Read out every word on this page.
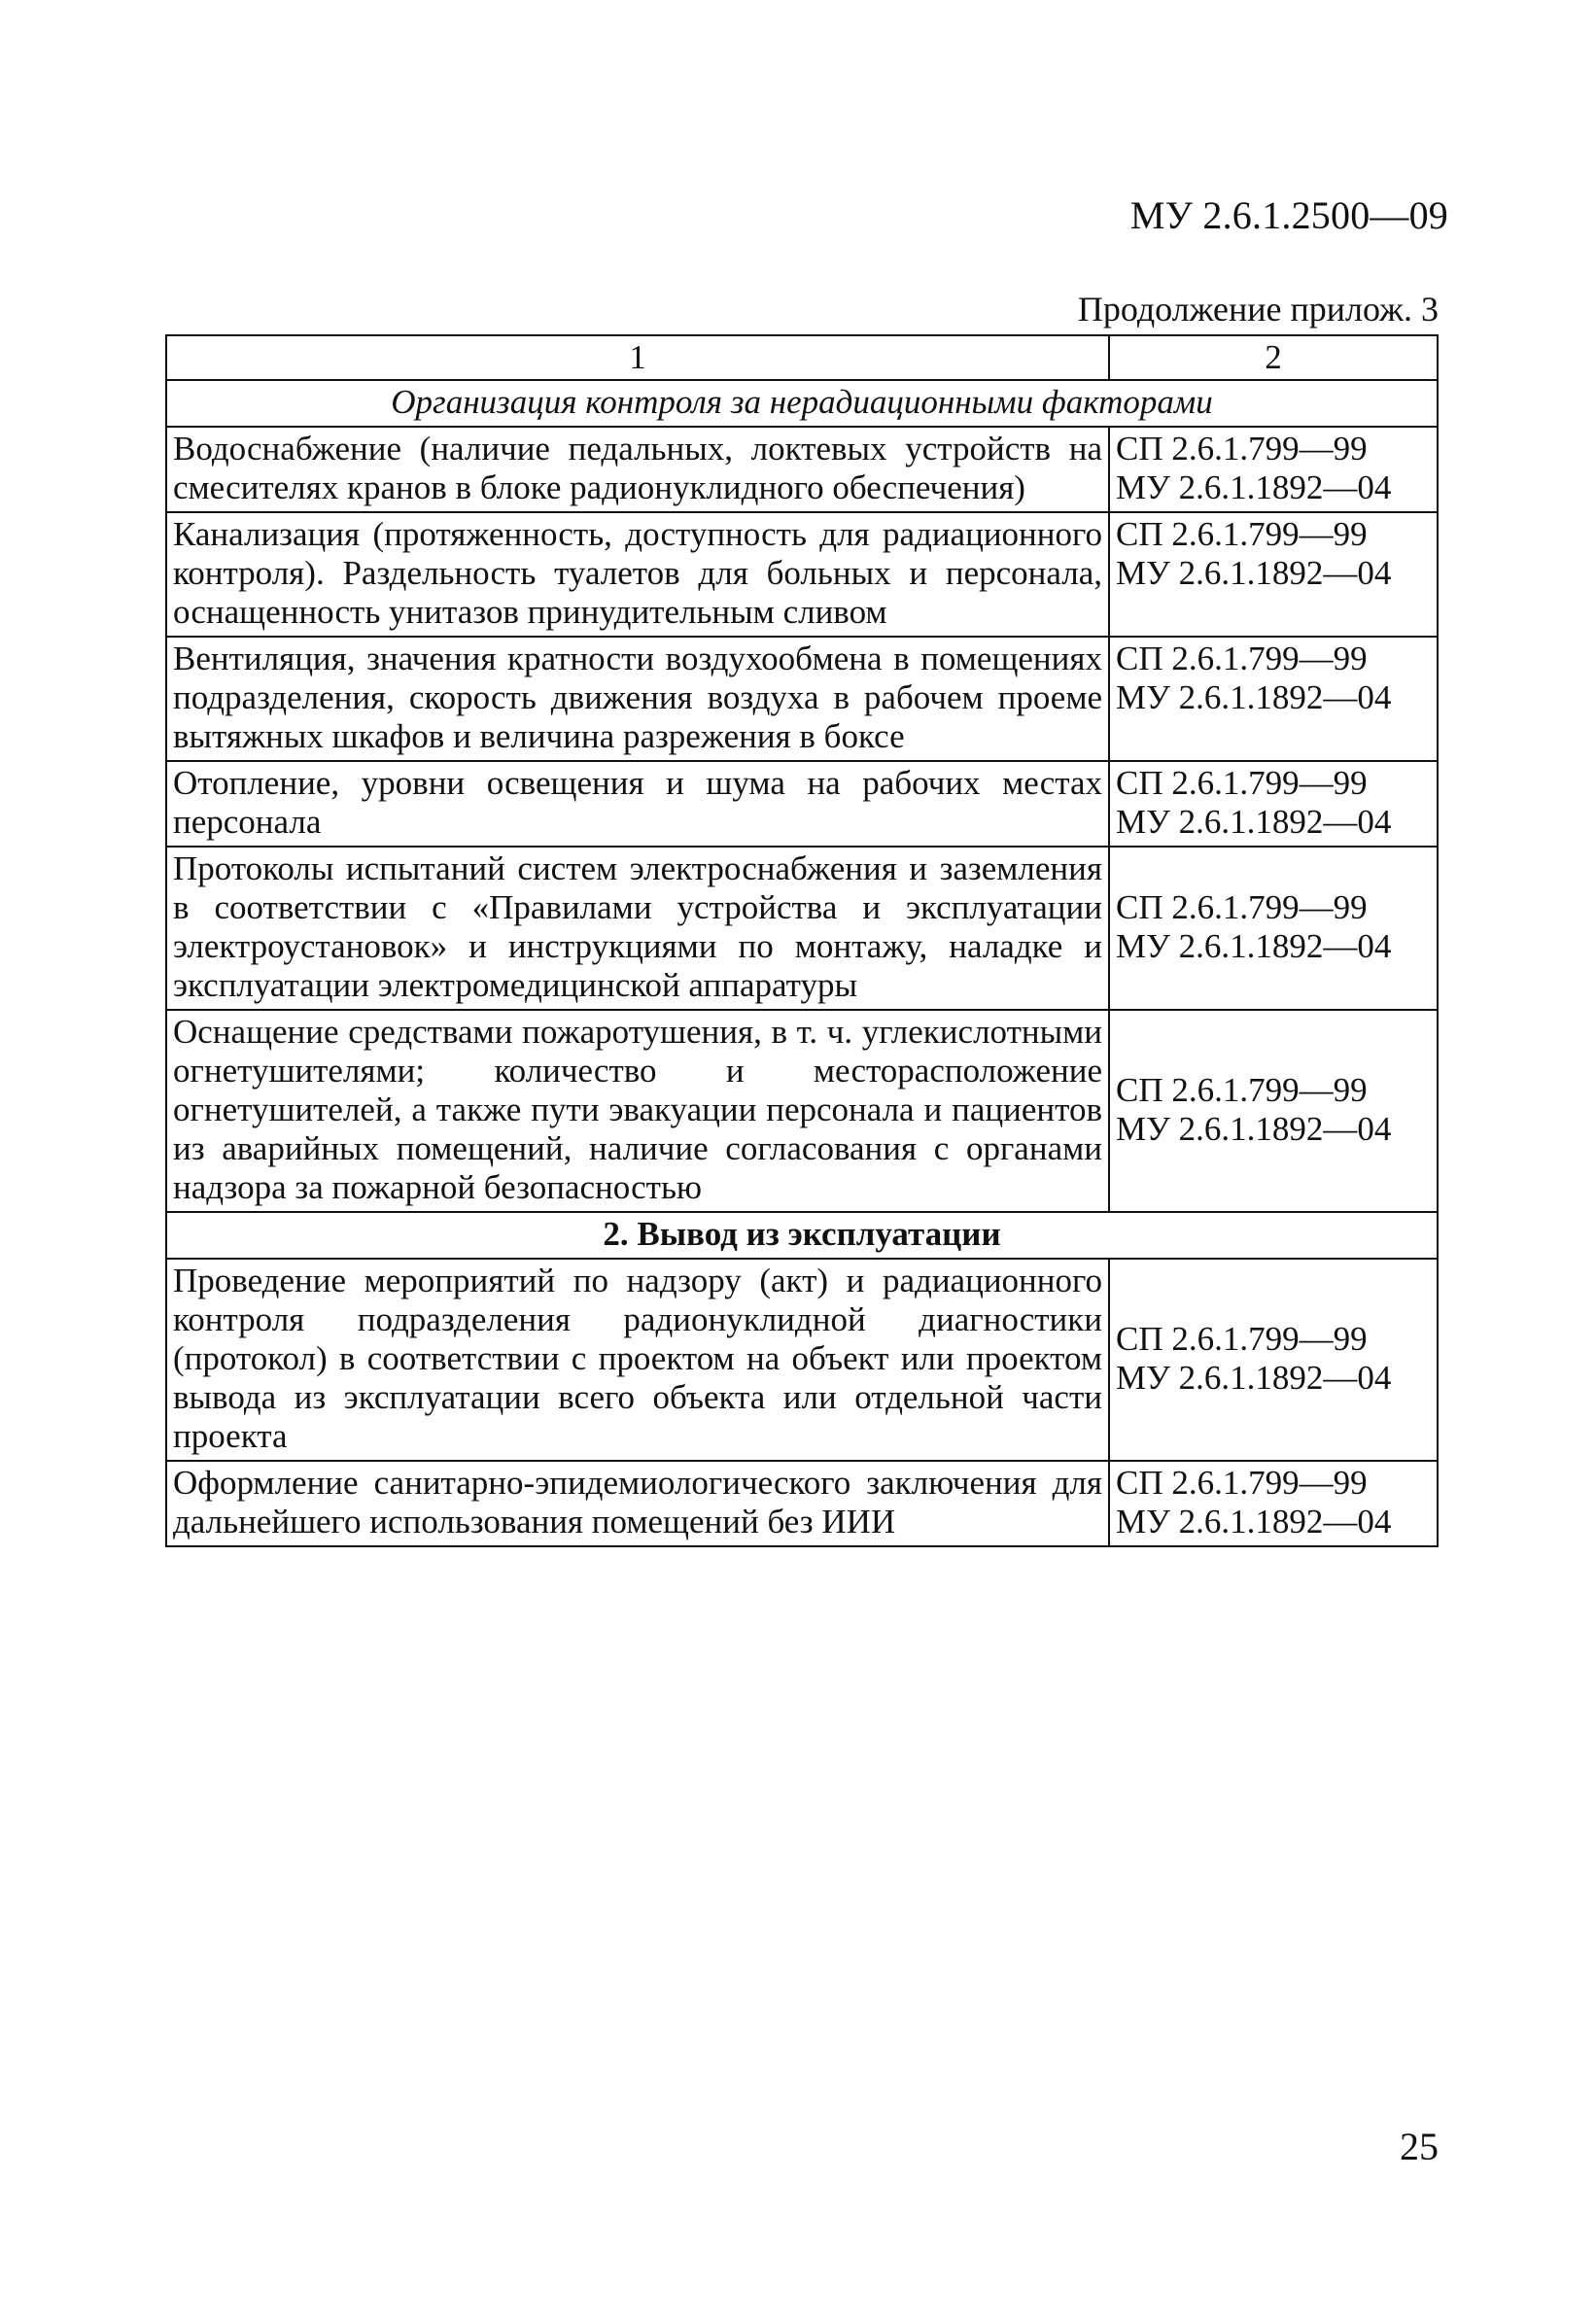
МУ 2.6.1.2500—09
Продолжение прилож. 3
1	2
Организация контроля за нерадиационными факторами	
Водоснабжение (наличие педальных, локтевых устройств на смесителях кранов в блоке радионуклидного обеспечения)	СП 2.6.1.799—99
МУ 2.6.1.1892—04

Канализация (протяженность, доступность для радиационного контроля). Раздельность туалетов для больных и персонала, оснащенность унитазов принудительным сливом	СП 2.6.1.799—99
МУ 2.6.1.1892—04

Вентиляция, значения кратности воздухообмена в помещениях подразделения, скорость движения воздуха в рабочем проеме вытяжных шкафов и величина разрежения в боксе	СП 2.6.1.799—99
МУ 2.6.1.1892—04

Отопление, уровни освещения и шума на рабочих местах персонала	СП 2.6.1.799—99
МУ 2.6.1.1892—04

Протоколы испытаний систем электроснабжения и заземления в соответствии с «Правилами устройства и эксплуатации электроустановок» и инструкциями по монтажу, наладке и эксплуатации электромедицинской аппаратуры	СП 2.6.1.799—99
МУ 2.6.1.1892—04

Оснащение средствами пожаротушения, в т. ч. углекислотными огнетушителями; количество и месторасположение огнетушителей, а также пути эвакуации персонала и пациентов из аварийных помещений, наличие согласования с органами надзора за пожарной безопасностью	СП 2.6.1.799—99
МУ 2.6.1.1892—04

2. Вывод из эксплуатации	
Проведение мероприятий по надзору (акт) и радиационного контроля подразделения радионуклидной диагностики (протокол) в соответствии с проектом на объект или проектом вывода из эксплуатации всего объекта или отдельной части проекта	СП 2.6.1.799—99
МУ 2.6.1.1892—04

Оформление санитарно-эпидемиологического заключения для дальнейшего использования помещений без ИИИ	СП 2.6.1.799—99
МУ 2.6.1.1892—04
25
